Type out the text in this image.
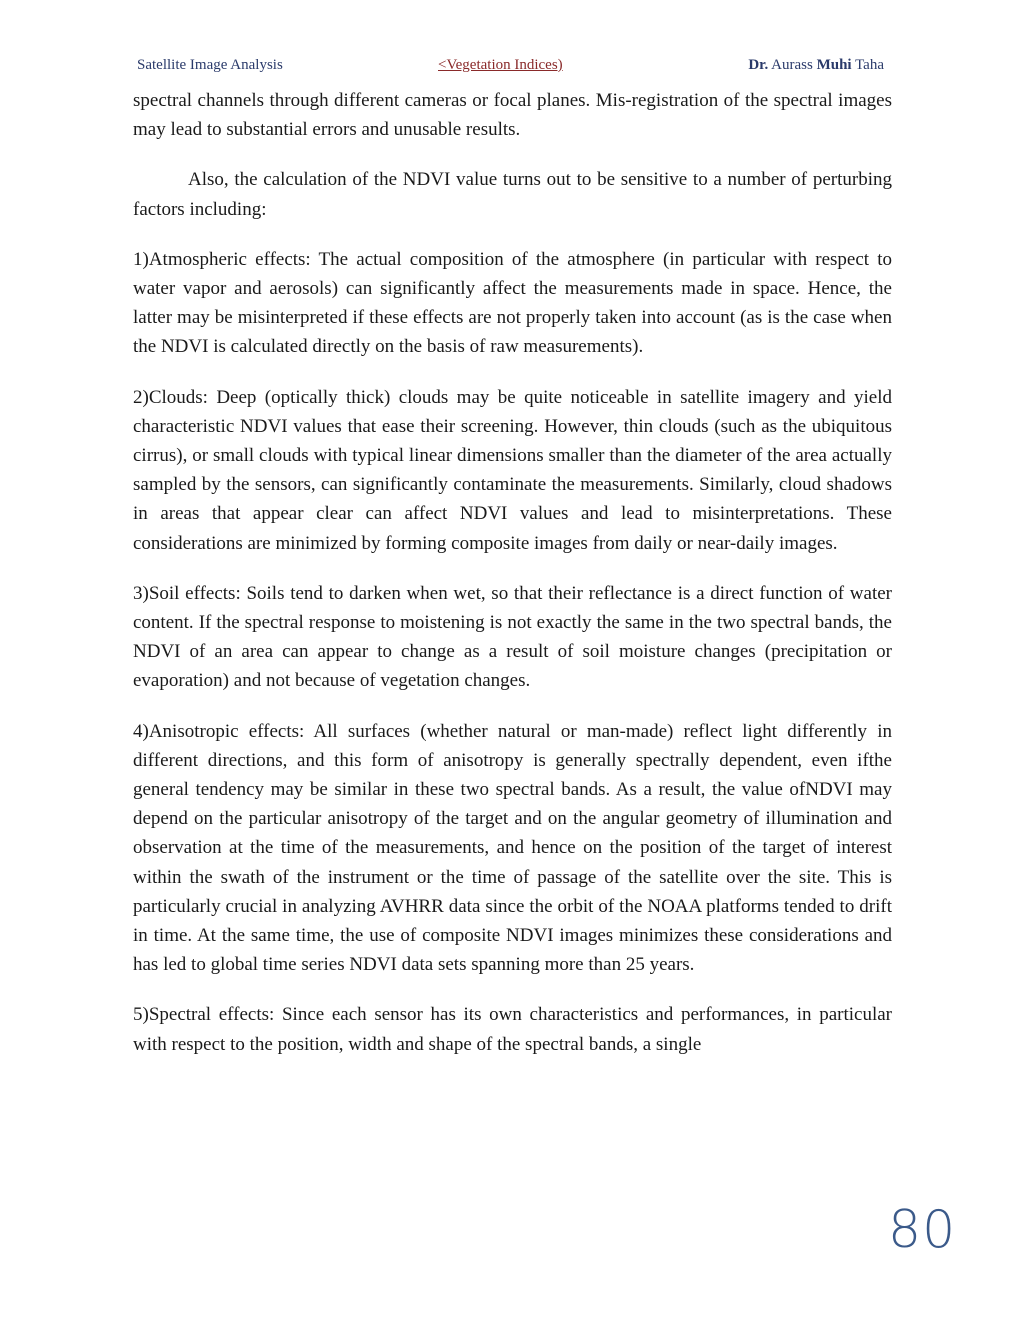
Satellite Image Analysis	<Vegetation Indices)	Dr. Aurass Muhi Taha

spectral channels through different cameras or focal planes. Mis-registration of the spectral images may lead to substantial errors and unusable results.

Also, the calculation of the NDVI value turns out to be sensitive to a number of perturbing factors including:

1)Atmospheric effects: The actual composition of the atmosphere (in particular with respect to water vapor and aerosols) can significantly affect the measurements made in space. Hence, the latter may be misinterpreted if these effects are not properly taken into account (as is the case when the NDVI is calculated directly on the basis of raw measurements).

2)Clouds: Deep (optically thick) clouds may be quite noticeable in satellite imagery and yield characteristic NDVI values that ease their screening. However, thin clouds (such as the ubiquitous cirrus), or small clouds with typical linear dimensions smaller than the diameter of the area actually sampled by the sensors, can significantly contaminate the measurements. Similarly, cloud shadows in areas that appear clear can affect NDVI values and lead to misinterpretations. These considerations are minimized by forming composite images from daily or near-daily images.

3)Soil effects: Soils tend to darken when wet, so that their reflectance is a direct function of water content. If the spectral response to moistening is not exactly the same in the two spectral bands, the NDVI of an area can appear to change as a result of soil moisture changes (precipitation or evaporation) and not because of vegetation changes.

4)Anisotropic effects: All surfaces (whether natural or man-made) reflect light differently in different directions, and this form of anisotropy is generally spectrally dependent, even ifthe general tendency may be similar in these two spectral bands. As a result, the value ofNDVI may depend on the particular anisotropy of the target and on the angular geometry of illumination and observation at the time of the measurements, and hence on the position of the target of interest within the swath of the instrument or the time of passage of the satellite over the site. This is particularly crucial in analyzing AVHRR data since the orbit of the NOAA platforms tended to drift in time. At the same time, the use of composite NDVI images minimizes these considerations and has led to global time series NDVI data sets spanning more than 25 years.

5)Spectral effects: Since each sensor has its own characteristics and performances, in particular with respect to the position, width and shape of the spectral bands, a single

80
